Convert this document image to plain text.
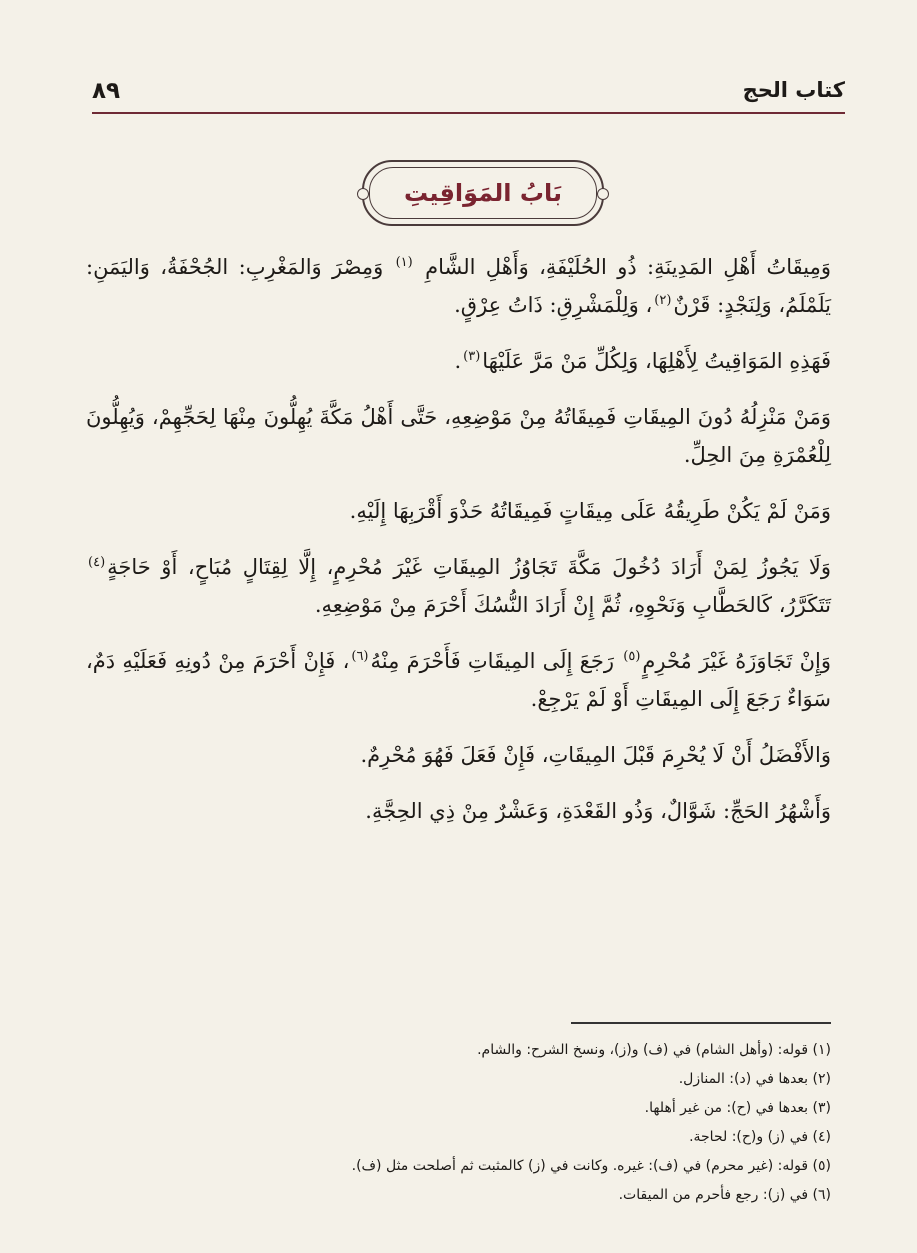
كتاب الحج
٨٩
بَابُ المَوَاقِيتِ

وَمِيقَاتُ أَهْلِ المَدِينَةِ: ذُو الحُلَيْفَةِ، وَأَهْلِ الشَّامِ $^{(١)}$ وَمِصْرَ وَالمَغْرِبِ: الجُحْفَةُ، وَاليَمَنِ: يَلَمْلَمُ، وَلِنَجْدٍ: قَرْنٌ$^{(٢)}$، وَلِلْمَشْرِقِ: ذَاتُ عِرْقٍ.

فَهَذِهِ المَوَاقِيتُ لِأَهْلِهَا، وَلِكُلِّ مَنْ مَرَّ عَلَيْهَا$^{(٣)}$.

وَمَنْ مَنْزِلُهُ دُونَ المِيقَاتِ فَمِيقَاتُهُ مِنْ مَوْضِعِهِ، حَتَّى أَهْلُ مَكَّةَ يُهِلُّونَ مِنْهَا لِحَجِّهِمْ، وَيُهِلُّونَ لِلْعُمْرَةِ مِنَ الحِلِّ.

وَمَنْ لَمْ يَكُنْ طَرِيقُهُ عَلَى مِيقَاتٍ فَمِيقَاتُهُ حَذْوَ أَقْرَبِهَا إِلَيْهِ.

وَلَا يَجُوزُ لِمَنْ أَرَادَ دُخُولَ مَكَّةَ تَجَاوُزُ المِيقَاتِ غَيْرَ مُحْرِمٍ، إِلَّا لِقِتَالٍ مُبَاحٍ، أَوْ حَاجَةٍ$^{(٤)}$ تَتَكَرَّرُ، كَالحَطَّابِ وَنَحْوِهِ، ثُمَّ إِنْ أَرَادَ النُّسُكَ أَحْرَمَ مِنْ مَوْضِعِهِ.

وَإِنْ تَجَاوَزَهُ غَيْرَ مُحْرِمٍ$^{(٥)}$ رَجَعَ إِلَى المِيقَاتِ فَأَحْرَمَ مِنْهُ$^{(٦)}$، فَإِنْ أَحْرَمَ مِنْ دُونِهِ فَعَلَيْهِ دَمٌ، سَوَاءٌ رَجَعَ إِلَى المِيقَاتِ أَوْ لَمْ يَرْجِعْ.

وَالأَفْضَلُ أَنْ لَا يُحْرِمَ قَبْلَ المِيقَاتِ، فَإِنْ فَعَلَ فَهُوَ مُحْرِمٌ.

وَأَشْهُرُ الحَجِّ: شَوَّالٌ، وَذُو القَعْدَةِ، وَعَشْرٌ مِنْ ذِي الحِجَّةِ.

(١) قوله: (وأهل الشام) في (ف) و(ز)، ونسخ الشرح: والشام.

(٢) بعدها في (د): المنازل.

(٣) بعدها في (ح): من غير أهلها.

(٤) في (ز) و(ح): لحاجة.

(٥) قوله: (غير محرم) في (ف): غيره. وكانت في (ز) كالمثبت ثم أصلحت مثل (ف).

(٦) في (ز): رجع فأحرم من الميقات.
